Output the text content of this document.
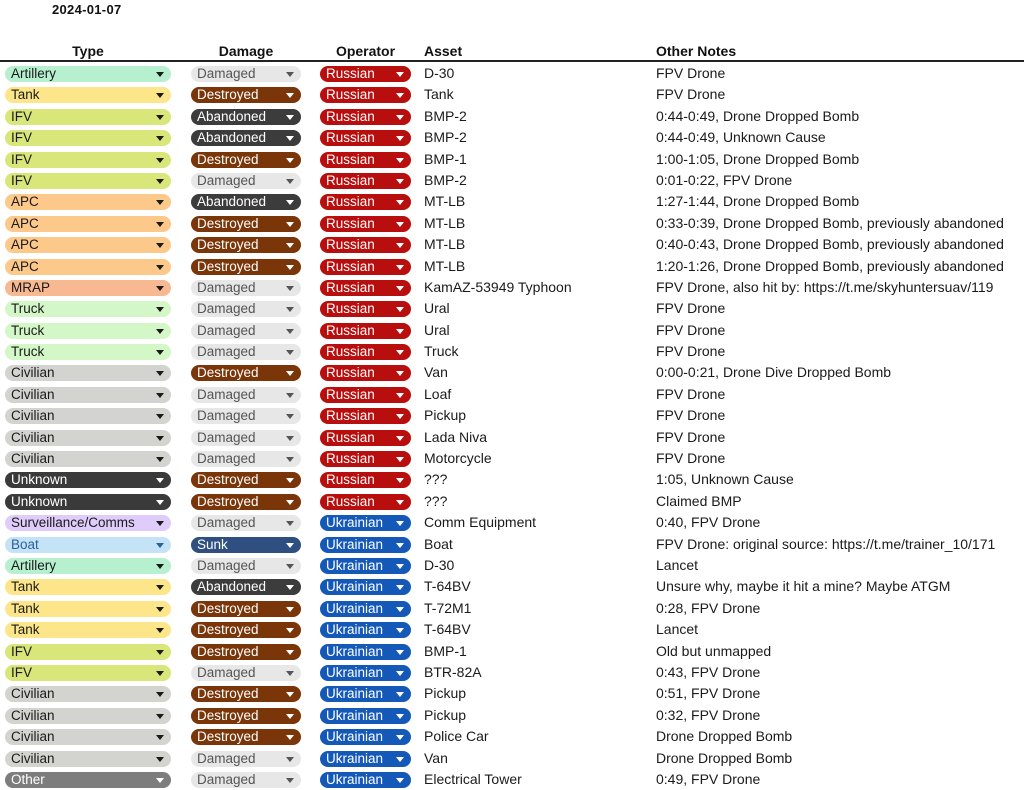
2024-01-07
Type	Damage	Operator	Asset	Other Notes
Artillery	Damaged	Russian	D-30	FPV Drone
Tank	Destroyed	Russian	Tank	FPV Drone
IFV	Abandoned	Russian	BMP-2	0:44-0:49, Drone Dropped Bomb
IFV	Abandoned	Russian	BMP-2	0:44-0:49, Unknown Cause
IFV	Destroyed	Russian	BMP-1	1:00-1:05, Drone Dropped Bomb
IFV	Damaged	Russian	BMP-2	0:01-0:22, FPV Drone
APC	Abandoned	Russian	MT-LB	1:27-1:44, Drone Dropped Bomb
APC	Destroyed	Russian	MT-LB	0:33-0:39, Drone Dropped Bomb, previously abandoned
APC	Destroyed	Russian	MT-LB	0:40-0:43, Drone Dropped Bomb, previously abandoned
APC	Destroyed	Russian	MT-LB	1:20-1:26, Drone Dropped Bomb, previously abandoned
MRAP	Damaged	Russian	KamAZ-53949 Typhoon	FPV Drone, also hit by: https://t.me/skyhuntersuav/119
Truck	Damaged	Russian	Ural	FPV Drone
Truck	Damaged	Russian	Ural	FPV Drone
Truck	Damaged	Russian	Truck	FPV Drone
Civilian	Destroyed	Russian	Van	0:00-0:21, Drone Dive Dropped Bomb
Civilian	Damaged	Russian	Loaf	FPV Drone
Civilian	Damaged	Russian	Pickup	FPV Drone
Civilian	Damaged	Russian	Lada Niva	FPV Drone
Civilian	Damaged	Russian	Motorcycle	FPV Drone
Unknown	Destroyed	Russian	???	1:05, Unknown Cause
Unknown	Destroyed	Russian	???	Claimed BMP
Surveillance/Comms	Damaged	Ukrainian	Comm Equipment	0:40, FPV Drone
Boat	Sunk	Ukrainian	Boat	FPV Drone: original source: https://t.me/trainer_10/171
Artillery	Damaged	Ukrainian	D-30	Lancet
Tank	Abandoned	Ukrainian	T-64BV	Unsure why, maybe it hit a mine? Maybe ATGM
Tank	Destroyed	Ukrainian	T-72M1	0:28, FPV Drone
Tank	Destroyed	Ukrainian	T-64BV	Lancet
IFV	Destroyed	Ukrainian	BMP-1	Old but unmapped
IFV	Damaged	Ukrainian	BTR-82A	0:43, FPV Drone
Civilian	Destroyed	Ukrainian	Pickup	0:51, FPV Drone
Civilian	Destroyed	Ukrainian	Pickup	0:32, FPV Drone
Civilian	Destroyed	Ukrainian	Police Car	Drone Dropped Bomb
Civilian	Damaged	Ukrainian	Van	Drone Dropped Bomb
Other	Damaged	Ukrainian	Electrical Tower	0:49, FPV Drone
